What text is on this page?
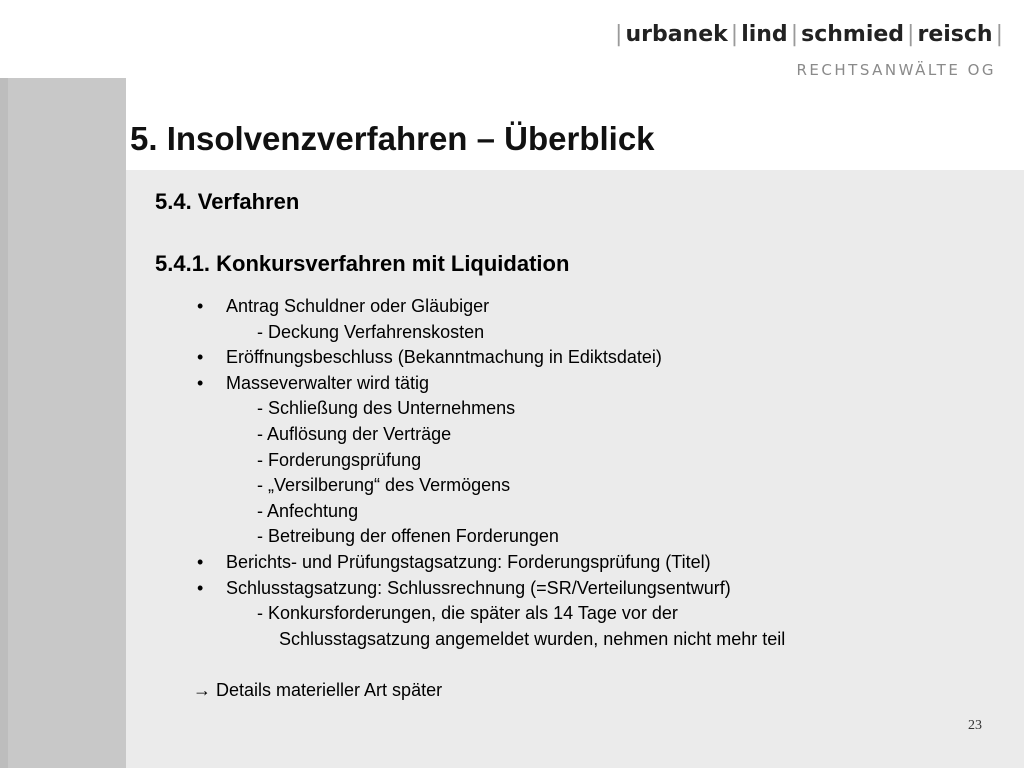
| urbanek | lind | schmied | reisch |
RECHTSANWÄLTE OG
5. Insolvenzverfahren – Überblick
5.4. Verfahren
5.4.1. Konkursverfahren mit Liquidation
• Antrag Schuldner oder Gläubiger
- Deckung Verfahrenskosten
• Eröffnungsbeschluss (Bekanntmachung in Ediktsdatei)
• Masseverwalter wird tätig
- Schließung des Unternehmens
- Auflösung der Verträge
- Forderungsprüfung
- „Versilberung“ des Vermögens
- Anfechtung
- Betreibung der offenen Forderungen
• Berichts- und Prüfungstagsatzung: Forderungsprüfung (Titel)
• Schlusstagsatzung: Schlussrechnung (=SR/Verteilungsentwurf)
- Konkursforderungen, die später als 14 Tage vor der
Schlusstagsatzung angemeldet wurden, nehmen nicht mehr teil

→ Details materieller Art später

23
